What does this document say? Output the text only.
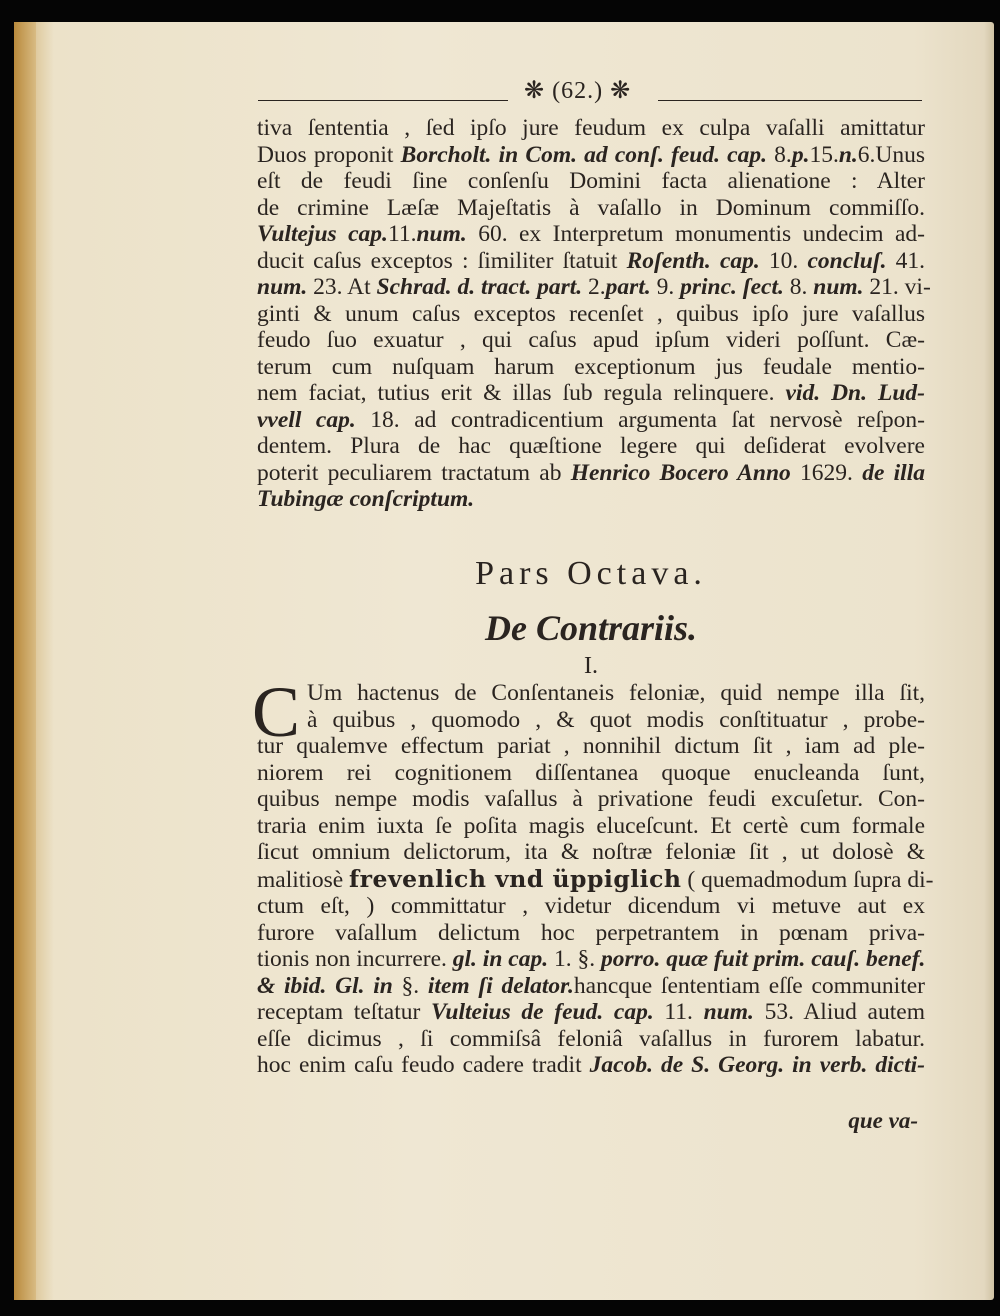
❋ (62.) ❋
tiva ſententia , ſed ipſo jure feudum ex culpa vaſalli amittatur
Duos proponit Borcholt. in Com. ad conſ. feud. cap. 8.p.15.n.6.Unus
eſt de feudi ſine conſenſu Domini facta alienatione : Alter
de crimine Læſæ Majeſtatis à vaſallo in Dominum commiſſo.
Vultejus cap.11.num. 60. ex Interpretum monumentis undecim ad-
ducit caſus exceptos : ſimiliter ſtatuit Roſenth. cap. 10. concluſ. 41.
num. 23. At Schrad. d. tract. part. 2.part. 9. princ. ſect. 8. num. 21. vi-
ginti & unum caſus exceptos recenſet , quibus ipſo jure vaſallus
feudo ſuo exuatur , qui caſus apud ipſum videri poſſunt. Cæ-
terum cum nuſquam harum exceptionum jus feudale mentio-
nem faciat, tutius erit & illas ſub regula relinquere. vid. Dn. Lud-
vvell cap. 18. ad contradicentium argumenta ſat nervosè reſpon-
dentem. Plura de hac quæſtione legere qui deſiderat evolvere
poterit peculiarem tractatum ab Henrico Bocero Anno 1629. de illa
Tubingæ conſcriptum.
Pars Octava.
De Contrariis.
I.
C Um hactenus de Conſentaneis feloniæ, quid nempe illa ſit,
à quibus , quomodo , & quot modis conſtituatur , probe-
tur qualemve effectum pariat , nonnihil dictum ſit , iam ad ple-
niorem rei cognitionem diſſentanea quoque enucleanda ſunt,
quibus nempe modis vaſallus à privatione feudi excuſetur. Con-
traria enim iuxta ſe poſita magis eluceſcunt. Et certè cum formale
ſicut omnium delictorum, ita & noſtræ feloniæ ſit , ut dolosè &
malitiosè frevenlich vnd üppiglich ( quemadmodum ſupra di-
ctum eſt, ) committatur , videtur dicendum vi metuve aut ex
furore vaſallum delictum hoc perpetrantem in pœnam priva-
tionis non incurrere. gl. in cap. 1. §. porro. quæ fuit prim. cauſ. benef.
& ibid. Gl. in §. item ſi delator.hancque ſententiam eſſe communiter
receptam teſtatur Vulteius de feud. cap. 11. num. 53. Aliud autem
eſſe dicimus , ſi commiſsâ feloniâ vaſallus in furorem labatur.
hoc enim caſu feudo cadere tradit Jacob. de S. Georg. in verb. dicti-
que va-
